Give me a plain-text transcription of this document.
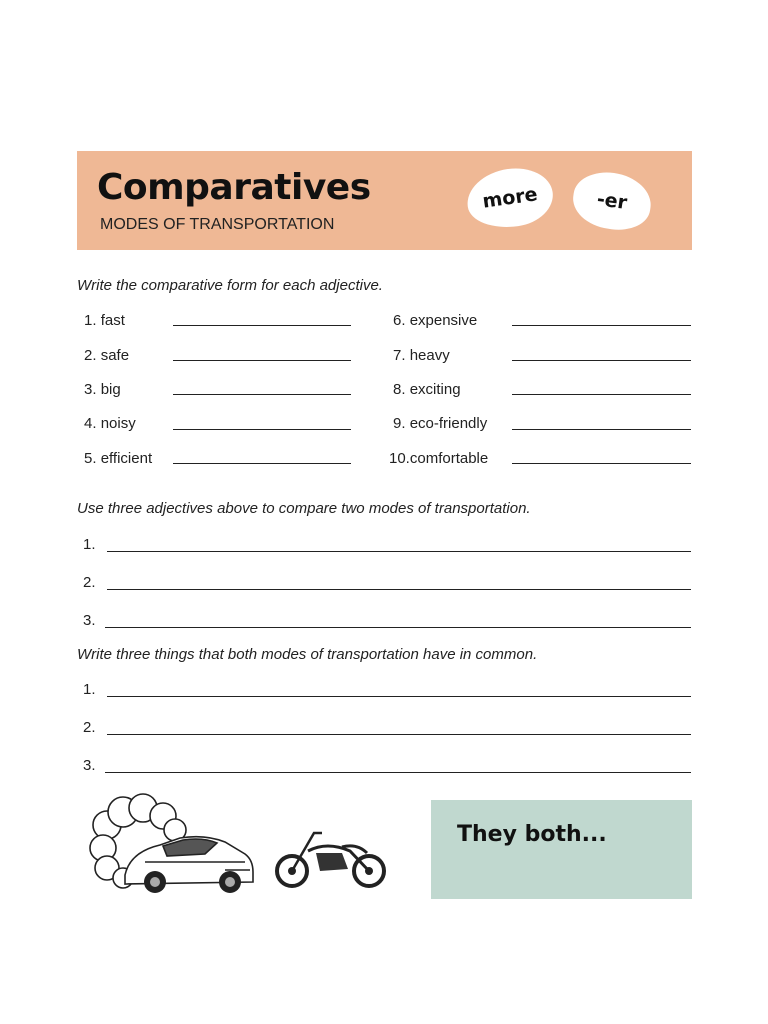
Comparatives
MODES OF TRANSPORTATION
more	-er
Write the comparative form for each adjective.
1. fast
2. safe
3. big
4. noisy
5. efficient
6. expensive
7. heavy
8. exciting
9. eco-friendly
10.comfortable
Use three adjectives above to compare two modes of transportation.
1.
2.
3.
Write three things that both modes of transportation have in common.
1.
2.
3.
They both...
